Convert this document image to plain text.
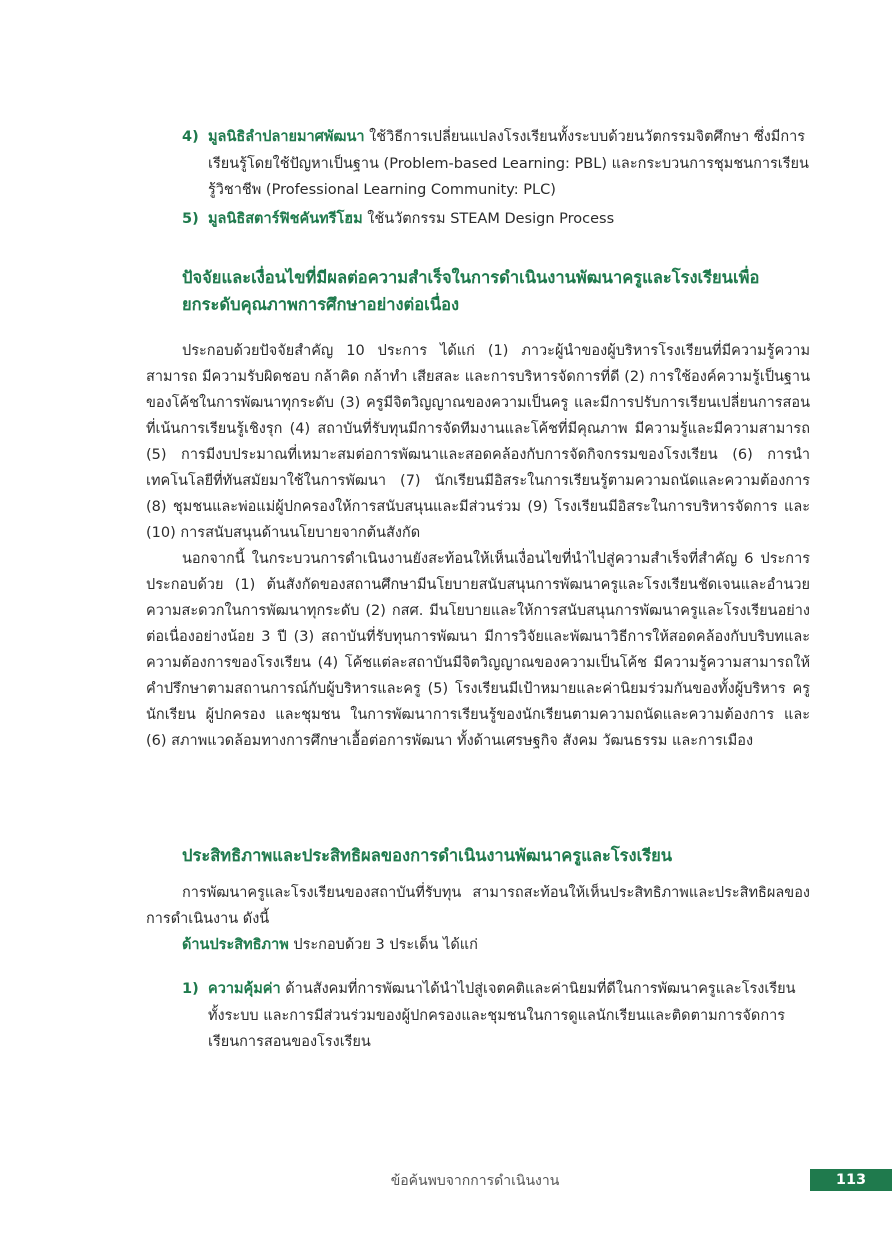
4) มูลนิธิลำปลายมาศพัฒนา ใช้วิธีการเปลี่ยนแปลงโรงเรียนทั้งระบบด้วยนวัตกรรมจิตศึกษา ซึ่งมีการเรียนรู้โดยใช้ปัญหาเป็นฐาน (Problem-based Learning: PBL) และกระบวนการชุมชนการเรียนรู้วิชาชีพ (Professional Learning Community: PLC)
5) มูลนิธิสตาร์ฟิชคันทรีโฮม ใช้นวัตกรรม STEAM Design Process
ปัจจัยและเงื่อนไขที่มีผลต่อความสำเร็จในการดำเนินงานพัฒนาครูและโรงเรียนเพื่อยกระดับคุณภาพการศึกษาอย่างต่อเนื่อง

ประกอบด้วยปัจจัยสำคัญ 10 ประการ ได้แก่ (1) ภาวะผู้นำของผู้บริหารโรงเรียนที่มีความรู้ความสามารถ มีความรับผิดชอบ กล้าคิด กล้าทำ เสียสละ และการบริหารจัดการที่ดี (2) การใช้องค์ความรู้เป็นฐานของโค้ชในการพัฒนาทุกระดับ (3) ครูมีจิตวิญญาณของความเป็นครู และมีการปรับการเรียนเปลี่ยนการสอนที่เน้นการเรียนรู้เชิงรุก (4) สถาบันที่รับทุนมีการจัดทีมงานและโค้ชที่มีคุณภาพ มีความรู้และมีความสามารถ (5) การมีงบประมาณที่เหมาะสมต่อการพัฒนาและสอดคล้องกับการจัดกิจกรรมของโรงเรียน (6) การนำเทคโนโลยีที่ทันสมัยมาใช้ในการพัฒนา (7) นักเรียนมีอิสระในการเรียนรู้ตามความถนัดและความต้องการ (8) ชุมชนและพ่อแม่ผู้ปกครองให้การสนับสนุนและมีส่วนร่วม (9) โรงเรียนมีอิสระในการบริหารจัดการ และ (10) การสนับสนุนด้านนโยบายจากต้นสังกัด

นอกจากนี้ ในกระบวนการดำเนินงานยังสะท้อนให้เห็นเงื่อนไขที่นำไปสู่ความสำเร็จที่สำคัญ 6 ประการ ประกอบด้วย (1) ต้นสังกัดของสถานศึกษามีนโยบายสนับสนุนการพัฒนาครูและโรงเรียนชัดเจนและอำนวยความสะดวกในการพัฒนาทุกระดับ (2) กสศ. มีนโยบายและให้การสนับสนุนการพัฒนาครูและโรงเรียนอย่างต่อเนื่องอย่างน้อย 3 ปี (3) สถาบันที่รับทุนการพัฒนา มีการวิจัยและพัฒนาวิธีการให้สอดคล้องกับบริบทและความต้องการของโรงเรียน (4) โค้ชแต่ละสถาบันมีจิตวิญญาณของความเป็นโค้ช มีความรู้ความสามารถให้คำปรึกษาตามสถานการณ์กับผู้บริหารและครู (5) โรงเรียนมีเป้าหมายและค่านิยมร่วมกันของทั้งผู้บริหาร ครู นักเรียน ผู้ปกครอง และชุมชน ในการพัฒนาการเรียนรู้ของนักเรียนตามความถนัดและความต้องการ และ (6) สภาพแวดล้อมทางการศึกษาเอื้อต่อการพัฒนา ทั้งด้านเศรษฐกิจ สังคม วัฒนธรรม และการเมือง

ประสิทธิภาพและประสิทธิผลของการดำเนินงานพัฒนาครูและโรงเรียน

การพัฒนาครูและโรงเรียนของสถาบันที่รับทุน สามารถสะท้อนให้เห็นประสิทธิภาพและประสิทธิผลของการดำเนินงาน ดังนี้

ด้านประสิทธิภาพ ประกอบด้วย 3 ประเด็น ได้แก่

1) ความคุ้มค่า ด้านสังคมที่การพัฒนาได้นำไปสู่เจตคติและค่านิยมที่ดีในการพัฒนาครูและโรงเรียนทั้งระบบ และการมีส่วนร่วมของผู้ปกครองและชุมชนในการดูแลนักเรียนและติดตามการจัดการเรียนการสอนของโรงเรียน
ข้อค้นพบจากการดำเนินงาน	113
